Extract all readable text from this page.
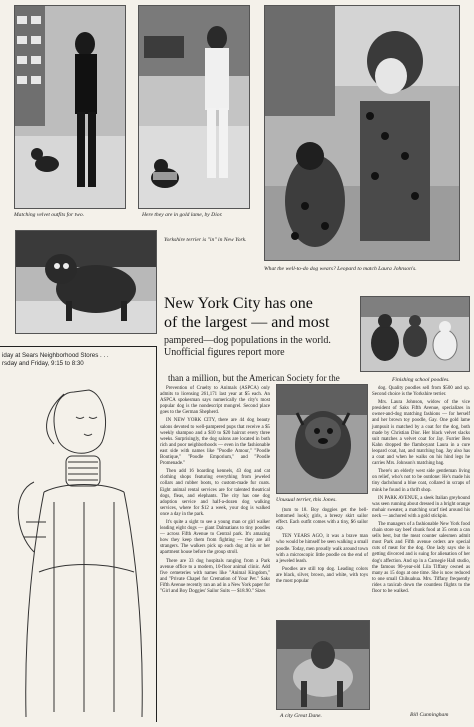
Matching velvet outfits for two.	Here they are in gold lame, by Dior.
What the well-to-do dog wears? Leopard to match Laura Johnson's.
Yorkshire terrier is "in" in New York.
New York City has one
of the largest — and most
pampered—dog populations in the world. Unofficial figures report more
than a million, but the American Society for the	Finishing school poodles.
iday at Sears Neighborhood Stores . . .
rsday and Friday, 9:15 to 8:30

Prevention of Cruelty to Animals (ASPCA) only admits to licensing 261,171 last year at $5 each. An ASPCA spokesman says numerically the city's most popular dog is the nondescript mongrel. Second place goes to the German Shepherd.

IN NEW YORK CITY, there are 44 dog beauty salons devoted to well-pampered pups that receive a $5 weekly shampoo and a $10 to $20 haircut every three weeks. Surprisingly, the dog salons are located in both rich and poor neighborhoods — even in the fashionable east side with names like "Poodle Amour," "Poodle Boutique," "Poodle Emporium," and "Poodle Promenade."

Then add 16 boarding kennels, 43 dog and cat clothing shops featuring everything from jeweled collars and rubber boots, to custom-made fur coats. Eight animal rental services are for talented theatrical dogs, fleas, and elephants. The city has one dog adoption service and half-a-dozen dog walking services, where for $12 a week, your dog is walked once a day in the park.

It's quite a sight to see a young man or girl walker leading eight dogs — giant Dalmatians to tiny poodles — across Fifth Avenue to Central park. It's amazing how they keep them from fighting — they are all strangers. The walkers pick up each dog at his or her apartment house before the group stroll.

There are 33 dog hospitals ranging from a Park avenue office to a modern, 10-floor animal clinic. Add five cemeteries with names like "Animal Kingdom," and "Private Chapel for Cremation of Your Pet." Saks Fifth Avenue recently ran an ad in a New York paper for "Girl and Boy Doggies' Sailor Suits — $18.90." Sizes

Unusual terrier, this Jones.

(tum to 18. Boy doggies get the bell-bottomed look); girls, a breezy skirt sailor effect. Each outfit comes with a tiny, $6 sailor cap.

TEN YEARS AGO, it was a brave man who would be himself be seen walking a small poodle. Today, men proudly walk around town with a microscopic little poodle on the end of a jeweled leash.

Poodles are still top dog. Leading colors are black, silver, brown, and white, with toys the most popular

A city Great Dane.

dog. Quality poodles sell from $500 and up. Second choice is the Yorkshire terrier.

Mrs. Laura Johnson, widow of the vice president of Saks Fifth Avenue, specializes in owner-and-dog matching fashions — for herself and her brown toy poodle, Gay. One gold lame jumpsuit is matched by a coat for the dog, both made by Christian Dior. Her black velvet slacks suit matches a velvet coat for Jay. Furrier Ben Kahn dropped the flamboyant Laura in a cure leopard coat, hat, and matching bag. Jay also has a coat and when he walks on his hind legs he carries Mrs. Johnson's matching bag.

There's an elderly west side gentleman living on relief, who's not to be outdone: He's made his tiny dachshund a blue coat, collared in scraps of mink he found in a thrift shop.

IN PARK AVENUE, a sleek Italian greyhound was seen running about dressed in a bright orange mohair sweater, a matching scarf tied around his neck — anchored with a gold stickpin.

The managers of a fashionable New York food chain store say beef chunk food at 35 cents a can sells best, but the meat counter salesmen admit most Park and Fifth avenue orders are special cuts of meat for the dog. One lady says she is getting divorced and is suing for alienation of her dog's affection. And up in a Carnegie Hall studio, the famous 90-year-old Lila Tiffany owned as many as 15 dogs at one time. She is now reduced to one small Chihuahua. Mrs. Tiffany frequently rides a taxicab down the countless flights to the floor to be walked.

Bill Cunningham
